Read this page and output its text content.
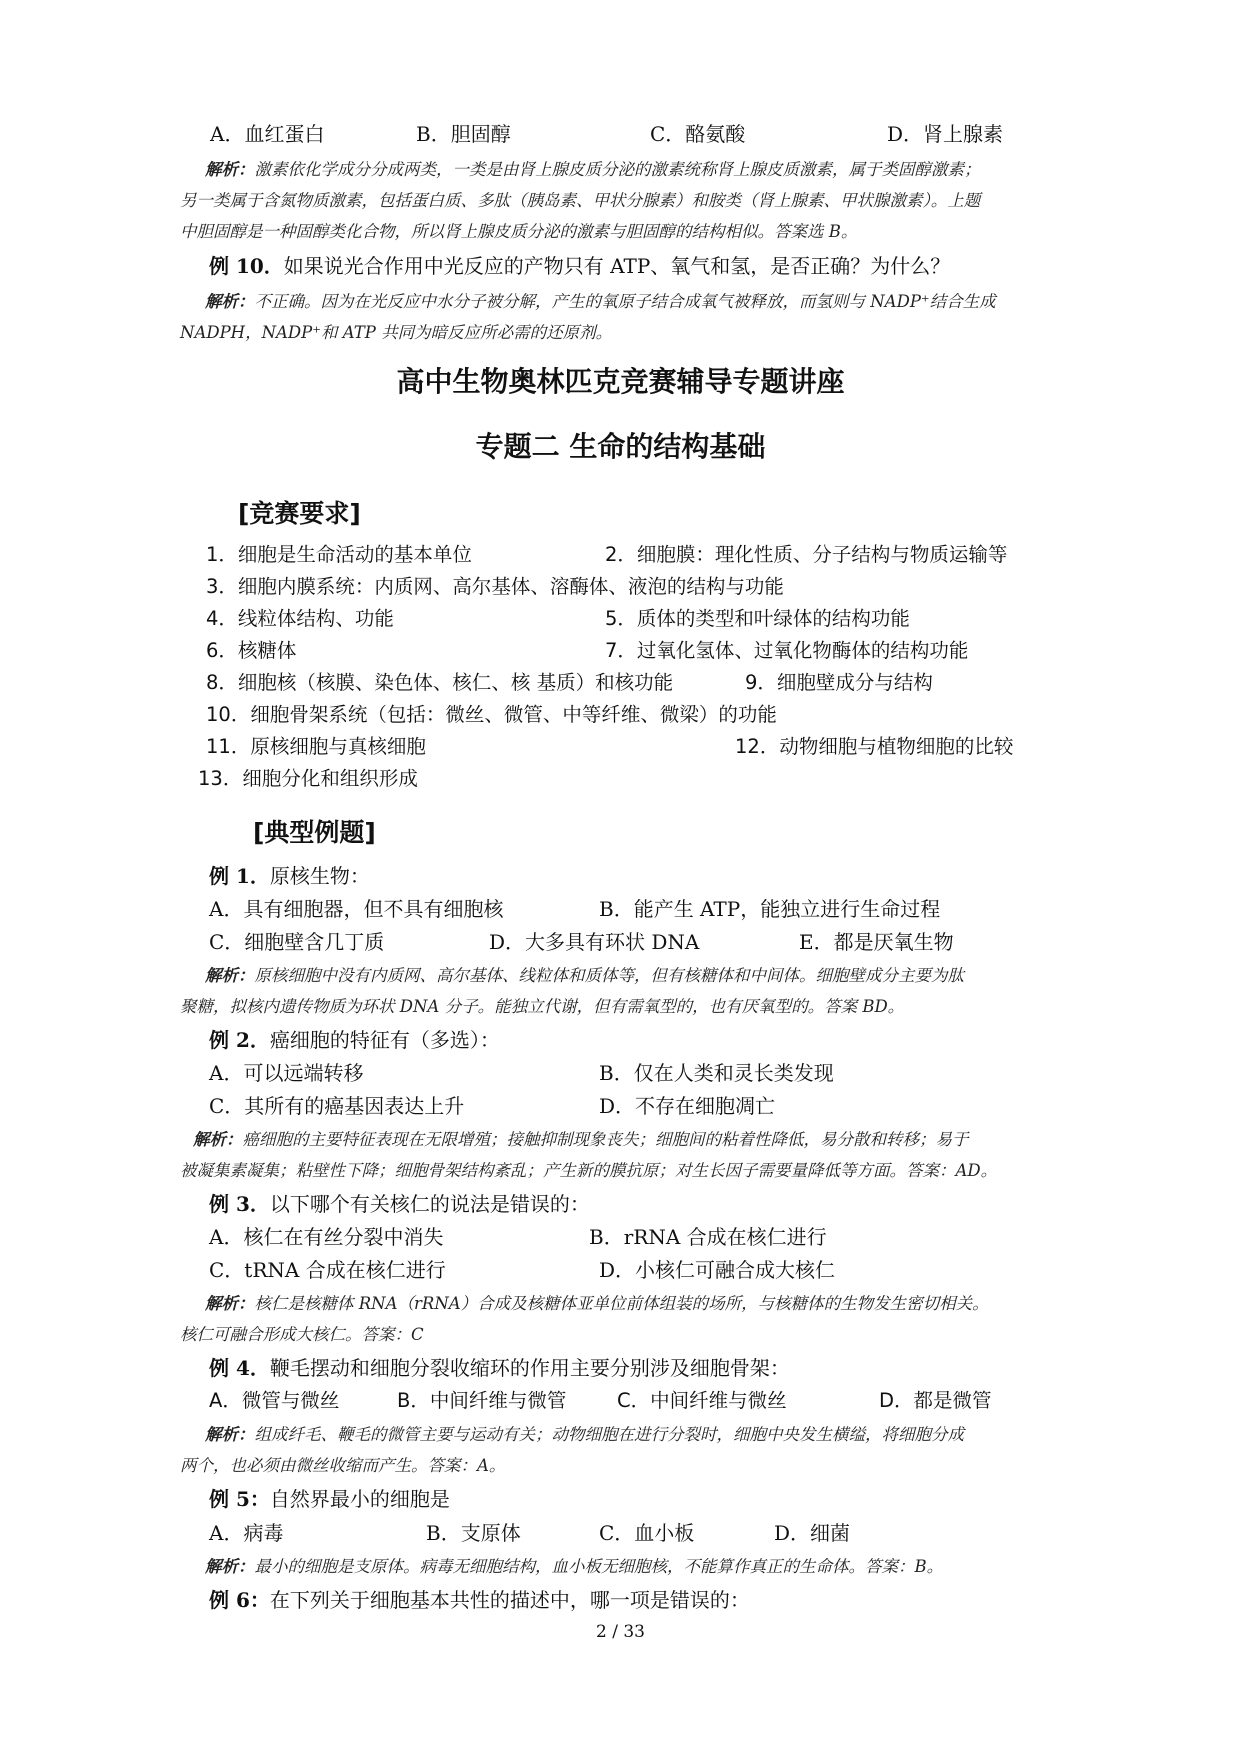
A．血红蛋白	B．胆固醇	C．酪氨酸	D．肾上腺素
解析：激素依化学成分分成两类，一类是由肾上腺皮质分泌的激素统称肾上腺皮质激素，属于类固醇激素；
另一类属于含氮物质激素，包括蛋白质、多肽（胰岛素、甲状分腺素）和胺类（肾上腺素、甲状腺激素）。上题
中胆固醇是一种固醇类化合物，所以肾上腺皮质分泌的激素与胆固醇的结构相似。答案选 B。
例 10．如果说光合作用中光反应的产物只有 ATP、氧气和氢，是否正确？为什么？
解析：不正确。因为在光反应中水分子被分解，产生的氧原子结合成氧气被释放，而氢则与 NADP⁺结合生成
NADPH，NADP⁺和 ATP 共同为暗反应所必需的还原剂。
高中生物奥林匹克竞赛辅导专题讲座
专题二 生命的结构基础
[竞赛要求]
1．细胞是生命活动的基本单位	2．细胞膜：理化性质、分子结构与物质运输等
3．细胞内膜系统：内质网、高尔基体、溶酶体、液泡的结构与功能
4．线粒体结构、功能	5．质体的类型和叶绿体的结构功能
6．核糖体	7．过氧化氢体、过氧化物酶体的结构功能
8．细胞核（核膜、染色体、核仁、核 基质）和核功能	9．细胞壁成分与结构
10．细胞骨架系统（包括：微丝、微管、中等纤维、微梁）的功能
11．原核细胞与真核细胞	12．动物细胞与植物细胞的比较
13．细胞分化和组织形成
[典型例题]
例 1．原核生物：
A．具有细胞器，但不具有细胞核	B．能产生 ATP，能独立进行生命过程
C．细胞壁含几丁质	D．大多具有环状 DNA	E．都是厌氧生物
解析：原核细胞中没有内质网、高尔基体、线粒体和质体等，但有核糖体和中间体。细胞壁成分主要为肽
聚糖，拟核内遗传物质为环状 DNA 分子。能独立代谢，但有需氧型的，也有厌氧型的。答案 BD。
例 2．癌细胞的特征有（多选）：
A．可以远端转移	B．仅在人类和灵长类发现
C．其所有的癌基因表达上升	D．不存在细胞凋亡
解析：癌细胞的主要特征表现在无限增殖；接触抑制现象丧失；细胞间的粘着性降低，易分散和转移；易于
被凝集素凝集；粘壁性下降；细胞骨架结构紊乱；产生新的膜抗原；对生长因子需要量降低等方面。答案：AD。
例 3．以下哪个有关核仁的说法是错误的：
A．核仁在有丝分裂中消失	B．rRNA 合成在核仁进行
C．tRNA 合成在核仁进行	D．小核仁可融合成大核仁
解析：核仁是核糖体 RNA（rRNA）合成及核糖体亚单位前体组装的场所，与核糖体的生物发生密切相关。
核仁可融合形成大核仁。答案：C
例 4．鞭毛摆动和细胞分裂收缩环的作用主要分别涉及细胞骨架：
A．微管与微丝	B．中间纤维与微管	C．中间纤维与微丝	D．都是微管
解析：组成纤毛、鞭毛的微管主要与运动有关；动物细胞在进行分裂时，细胞中央发生横缢，将细胞分成
两个，也必须由微丝收缩而产生。答案：A。
例 5：自然界最小的细胞是
A．病毒	B．支原体	C．血小板	D．细菌
解析：最小的细胞是支原体。病毒无细胞结构，血小板无细胞核，不能算作真正的生命体。答案：B。
例 6：在下列关于细胞基本共性的描述中，哪一项是错误的：
2 / 33
